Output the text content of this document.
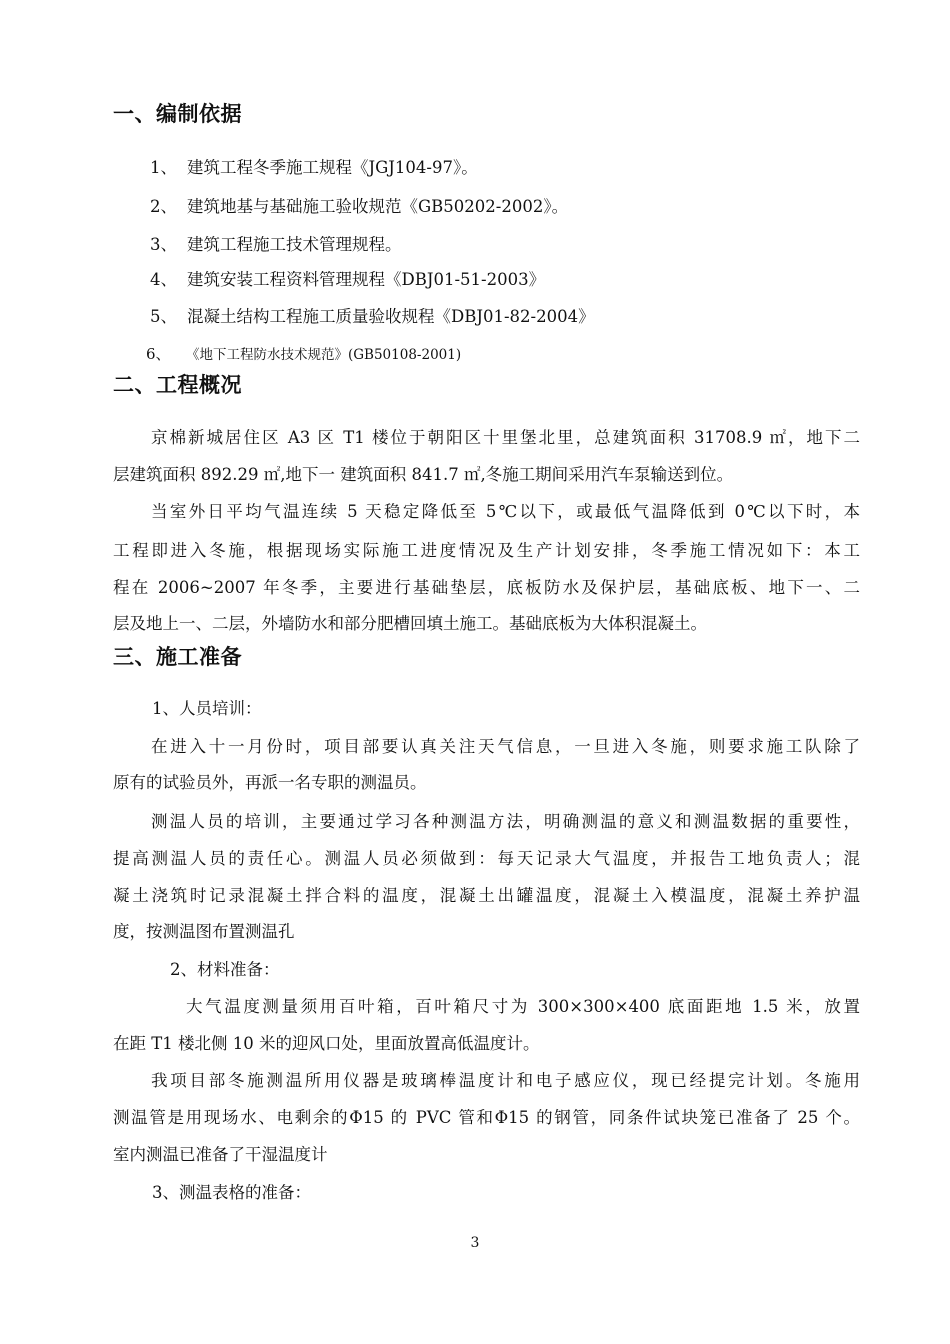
一、编制依据
1、 建筑工程冬季施工规程《JGJ104-97》。
2、 建筑地基与基础施工验收规范《GB50202-2002》。
3、 建筑工程施工技术管理规程。
4、 建筑安装工程资料管理规程《DBJ01-51-2003》
5、 混凝土结构工程施工质量验收规程《DBJ01-82-2004》
6、 《地下工程防水技术规范》(GB50108-2001)
二、工程概况
京棉新城居住区 A3 区 T1 楼位于朝阳区十里堡北里，总建筑面积 31708.9 ㎡，地下二
层建筑面积 892.29 ㎡,地下一 建筑面积 841.7 ㎡,冬施工期间采用汽车泵输送到位。
当室外日平均气温连续 5 天稳定降低至 5℃以下，或最低气温降低到 0℃以下时，本
工程即进入冬施，根据现场实际施工进度情况及生产计划安排，冬季施工情况如下：本工
程在 2006~2007 年冬季，主要进行基础垫层，底板防水及保护层，基础底板、地下一、二
层及地上一、二层，外墙防水和部分肥槽回填土施工。基础底板为大体积混凝土。
三、施工准备
1、人员培训：
在进入十一月份时，项目部要认真关注天气信息，一旦进入冬施，则要求施工队除了
原有的试验员外，再派一名专职的测温员。
测温人员的培训，主要通过学习各种测温方法，明确测温的意义和测温数据的重要性，
提高测温人员的责任心。测温人员必须做到：每天记录大气温度，并报告工地负责人；混
凝土浇筑时记录混凝土拌合料的温度，混凝土出罐温度，混凝土入模温度，混凝土养护温
度，按测温图布置测温孔
2、材料准备：
大气温度测量须用百叶箱，百叶箱尺寸为 300×300×400 底面距地 1.5 米，放置
在距 T1 楼北侧 10 米的迎风口处，里面放置高低温度计。
我项目部冬施测温所用仪器是玻璃棒温度计和电子感应仪，现已经提完计划。冬施用
测温管是用现场水、电剩余的Φ15 的 PVC 管和Φ15 的钢管，同条件试块笼已准备了 25 个。
室内测温已准备了干湿温度计
3、测温表格的准备：
3
